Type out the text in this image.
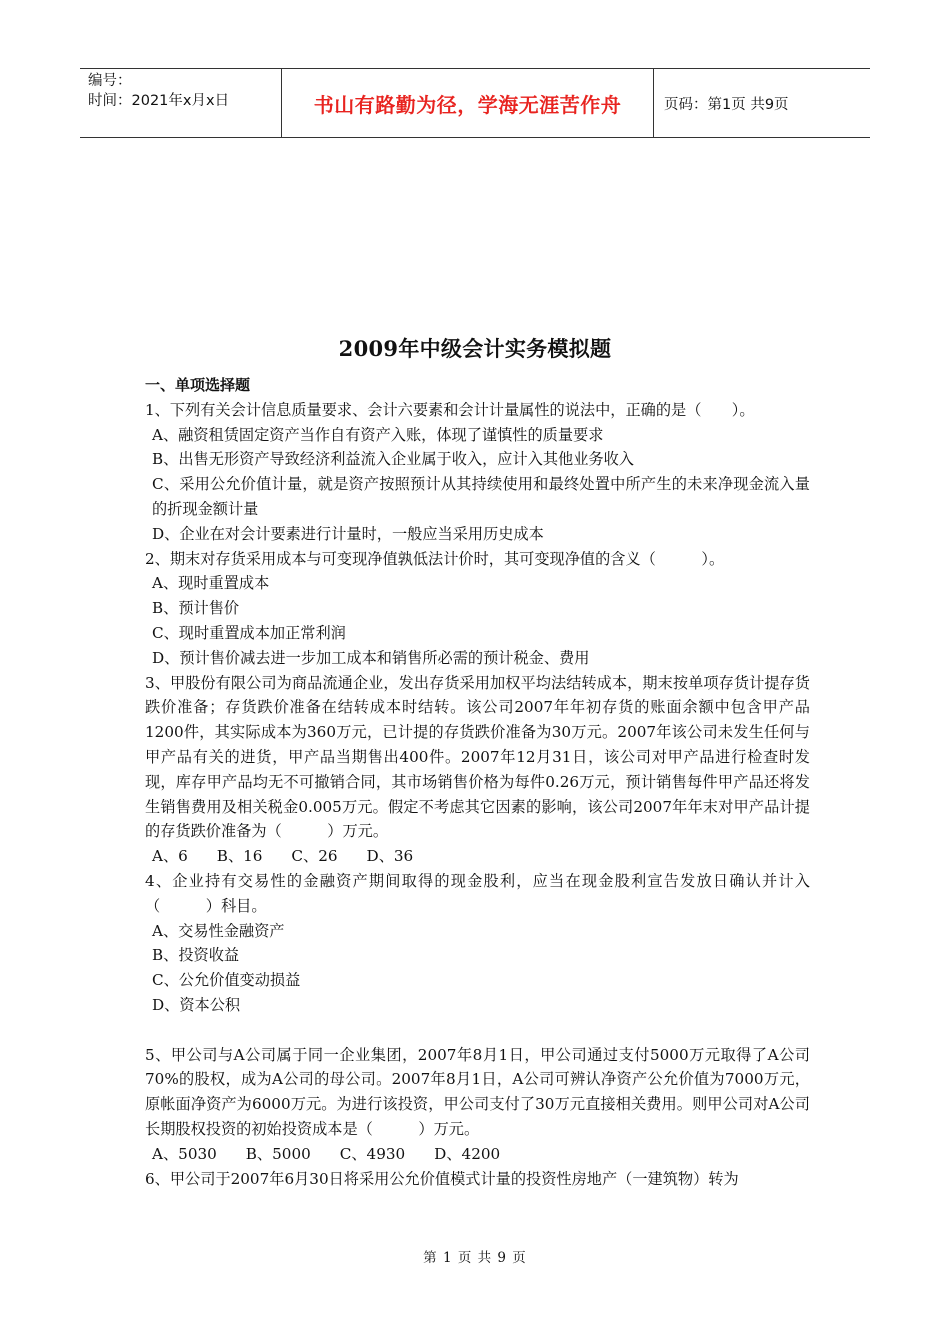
编号：
时间：2021年x月x日	书山有路勤为径，学海无涯苦作舟	页码：第1页 共9页
2009年中级会计实务模拟题

一、单项选择题

1、下列有关会计信息质量要求、会计六要素和会计计量属性的说法中，正确的是（　　）。

A、融资租赁固定资产当作自有资产入账，体现了谨慎性的质量要求

B、出售无形资产导致经济利益流入企业属于收入，应计入其他业务收入

C、采用公允价值计量，就是资产按照预计从其持续使用和最终处置中所产生的未来净现金流入量的折现金额计量

D、企业在对会计要素进行计量时，一般应当采用历史成本

2、期末对存货采用成本与可变现净值孰低法计价时，其可变现净值的含义（　　　）。

A、现时重置成本

B、预计售价

C、现时重置成本加正常利润

D、预计售价减去进一步加工成本和销售所必需的预计税金、费用

3、甲股份有限公司为商品流通企业，发出存货采用加权平均法结转成本，期末按单项存货计提存货跌价准备；存货跌价准备在结转成本时结转。该公司2007年年初存货的账面余额中包含甲产品1200件，其实际成本为360万元，已计提的存货跌价准备为30万元。2007年该公司未发生任何与甲产品有关的进货，甲产品当期售出400件。2007年12月31日，该公司对甲产品进行检查时发现，库存甲产品均无不可撤销合同，其市场销售价格为每件0.26万元，预计销售每件甲产品还将发生销售费用及相关税金0.005万元。假定不考虑其它因素的影响，该公司2007年年末对甲产品计提的存货跌价准备为（　　　）万元。

A、6      B、16      C、26      D、36

4、企业持有交易性的金融资产期间取得的现金股利，应当在现金股利宣告发放日确认并计入（　　　）科目。

A、交易性金融资产

B、投资收益

C、公允价值变动损益

D、资本公积

5、甲公司与A公司属于同一企业集团，2007年8月1日，甲公司通过支付5000万元取得了A公司70%的股权，成为A公司的母公司。2007年8月1日，A公司可辨认净资产公允价值为7000万元，原帐面净资产为6000万元。为进行该投资，甲公司支付了30万元直接相关费用。则甲公司对A公司长期股权投资的初始投资成本是（　　　）万元。

A、5030      B、5000      C、4930      D、4200

6、甲公司于2007年6月30日将采用公允价值模式计量的投资性房地产（一建筑物）转为

第 1 页 共 9 页
